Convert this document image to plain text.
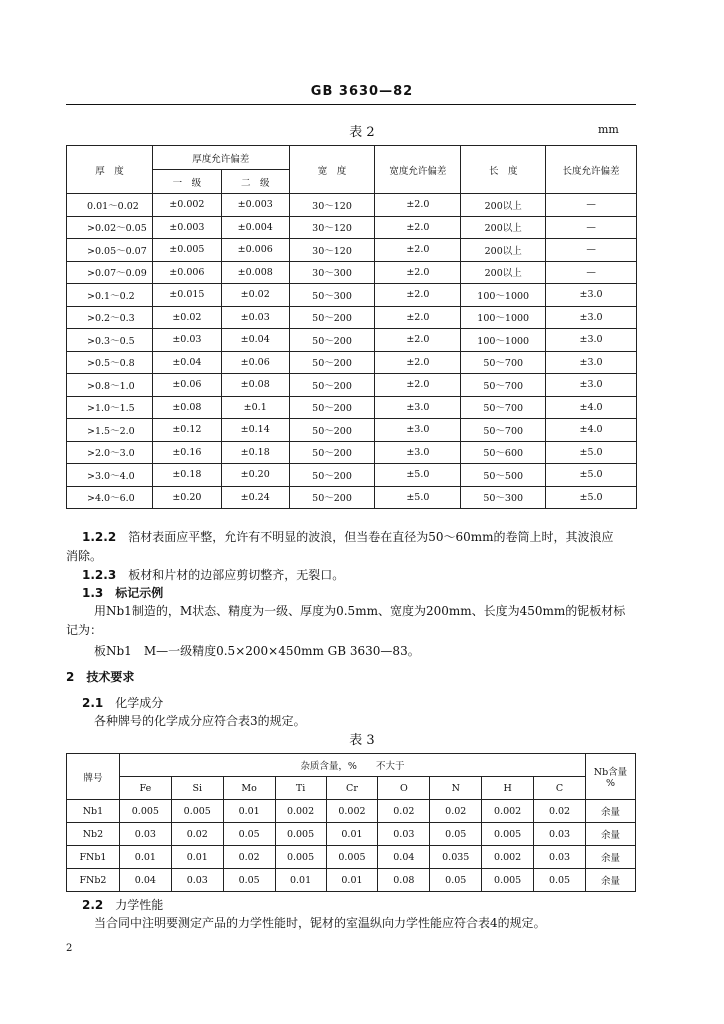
GB 3630—82
表 2	mm
厚　度	厚度允许偏差		宽　度	宽度允许偏差	长　度	长度允许偏差
	一　级	二　级				
0.01～0.02	±0.002	±0.003	30～120	±2.0	200以上	—
>0.02～0.05	±0.003	±0.004	30～120	±2.0	200以上	—
>0.05～0.07	±0.005	±0.006	30～120	±2.0	200以上	—
>0.07～0.09	±0.006	±0.008	30～300	±2.0	200以上	—
>0.1～0.2	±0.015	±0.02	50～300	±2.0	100～1000	±3.0
>0.2～0.3	±0.02	±0.03	50～200	±2.0	100～1000	±3.0
>0.3～0.5	±0.03	±0.04	50～200	±2.0	100～1000	±3.0
>0.5～0.8	±0.04	±0.06	50～200	±2.0	50～700	±3.0
>0.8～1.0	±0.06	±0.08	50～200	±2.0	50～700	±3.0
>1.0～1.5	±0.08	±0.1	50～200	±3.0	50～700	±4.0
>1.5～2.0	±0.12	±0.14	50～200	±3.0	50～700	±4.0
>2.0～3.0	±0.16	±0.18	50～200	±3.0	50～600	±5.0
>3.0～4.0	±0.18	±0.20	50～200	±5.0	50～500	±5.0
>4.0～6.0	±0.20	±0.24	50～200	±5.0	50～300	±5.0
1.2.2　 箔材表面应平整，允许有不明显的波浪，但当卷在直径为50～60mm的卷筒上时，其波浪应
消除。
1.2.3　 板材和片材的边部应剪切整齐，无裂口。
1.3　 标记示例
用Nb1制造的，M状态、精度为一级、厚度为0.5mm、宽度为200mm、长度为450mm的铌板材标
记为：
板Nb1　M—一级精度0.5×200×450mm GB 3630—83。
2　 技术要求
2.1　 化学成分
各种牌号的化学成分应符合表3的规定。
表 3
牌号	杂质含量，%　　不大于									Nb含量
%
	Fe	Si	Mo	Ti	Cr	O	N	H	C	
Nb1	0.005	0.005	0.01	0.002	0.002	0.02	0.02	0.002	0.02	余量
Nb2	0.03	0.02	0.05	0.005	0.01	0.03	0.05	0.005	0.03	余量
FNb1	0.01	0.01	0.02	0.005	0.005	0.04	0.035	0.002	0.03	余量
FNb2	0.04	0.03	0.05	0.01	0.01	0.08	0.05	0.005	0.05	余量
2.2　 力学性能
当合同中注明要测定产品的力学性能时，铌材的室温纵向力学性能应符合表4的规定。
2
